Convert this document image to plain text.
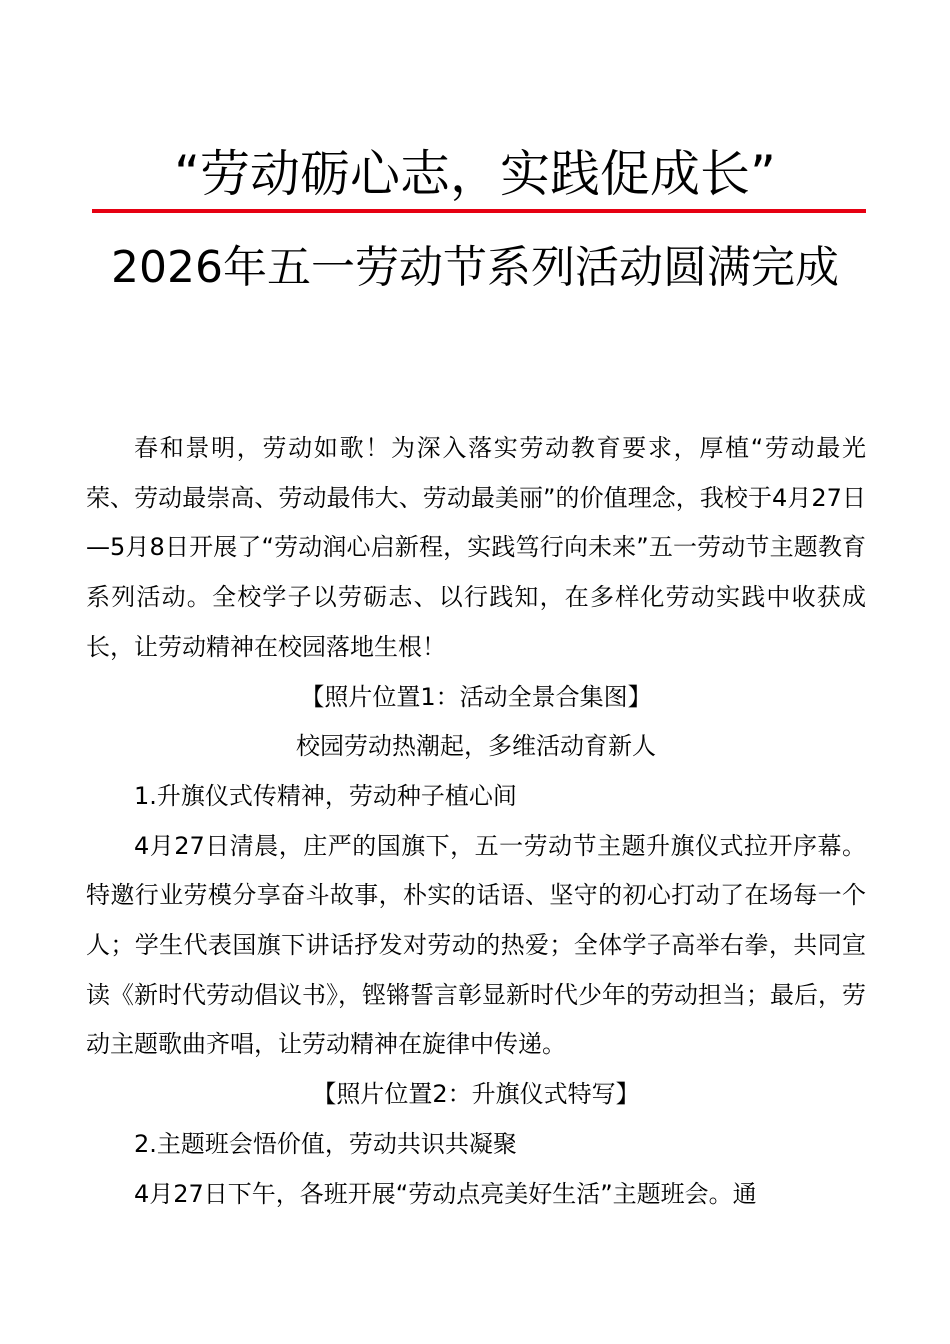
“劳动砺心志，实践促成长”
2026年五一劳动节系列活动圆满完成

春和景明，劳动如歌！为深入落实劳动教育要求，厚植“劳动最光荣、劳动最崇高、劳动最伟大、劳动最美丽”的价值理念，我校于4月27日—5月8日开展了“劳动润心启新程，实践笃行向未来”五一劳动节主题教育系列活动。全校学子以劳砺志、以行践知，在多样化劳动实践中收获成长，让劳动精神在校园落地生根！

【照片位置1：活动全景合集图】

校园劳动热潮起，多维活动育新人

1.升旗仪式传精神，劳动种子植心间

4月27日清晨，庄严的国旗下，五一劳动节主题升旗仪式拉开序幕。特邀行业劳模分享奋斗故事，朴实的话语、坚守的初心打动了在场每一个人；学生代表国旗下讲话抒发对劳动的热爱；全体学子高举右拳，共同宣读《新时代劳动倡议书》，铿锵誓言彰显新时代少年的劳动担当；最后，劳动主题歌曲齐唱，让劳动精神在旋律中传递。

【照片位置2：升旗仪式特写】

2.主题班会悟价值，劳动共识共凝聚

4月27日下午，各班开展“劳动点亮美好生活”主题班会。通
